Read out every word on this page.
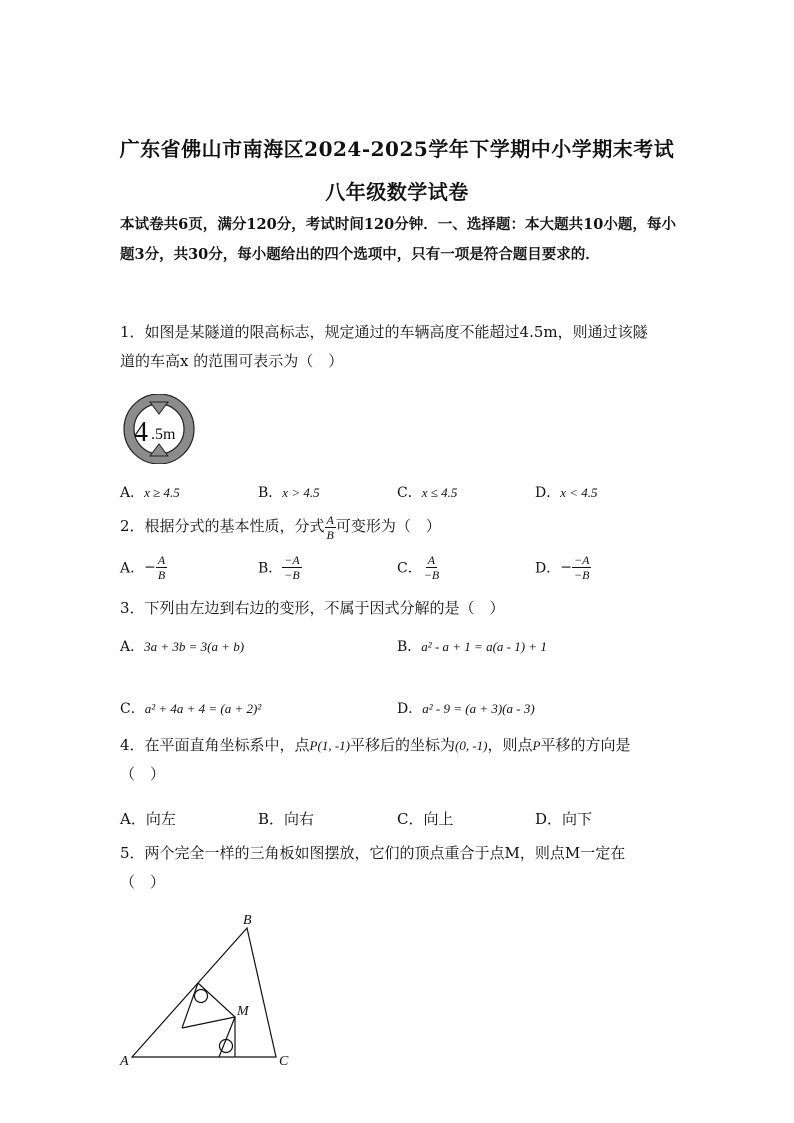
广东省佛山市南海区2024-2025学年下学期中小学期末考试
八年级数学试卷
本试卷共6页，满分120分，考试时间120分钟．一、选择题：本大题共10小题，每小题3分，共30分，每小题给出的四个选项中，只有一项是符合题目要求的．
1．如图是某隧道的限高标志，规定通过的车辆高度不能超过4.5m，则通过该隧
道的车高x 的范围可表示为（　）
4 .5m
A．x ≥ 4.5	B．x > 4.5	C．x ≤ 4.5	D．x < 4.5
2．根据分式的基本性质，分式 $\frac{A}{B}$ 可变形为（　）
A．− $\frac{A}{B}$	B． $\frac{-A}{-B}$	C． $\frac{A}{-B}$	D．− $\frac{-A}{-B}$
3．下列由左边到右边的变形，不属于因式分解的是（　）
A．3a + 3b = 3(a + b)	B．a² - a + 1 = a(a - 1) + 1
C．a² + 4a + 4 = (a + 2)²	D．a² - 9 = (a + 3)(a - 3)
4．在平面直角坐标系中，点P(1, -1)平移后的坐标为(0, -1)，则点P平移的方向是
（　）
A．向左	B．向右	C．向上	D．向下
5．两个完全一样的三角板如图摆放，它们的顶点重合于点M，则点M一定在
（　）
B
M
A	C
